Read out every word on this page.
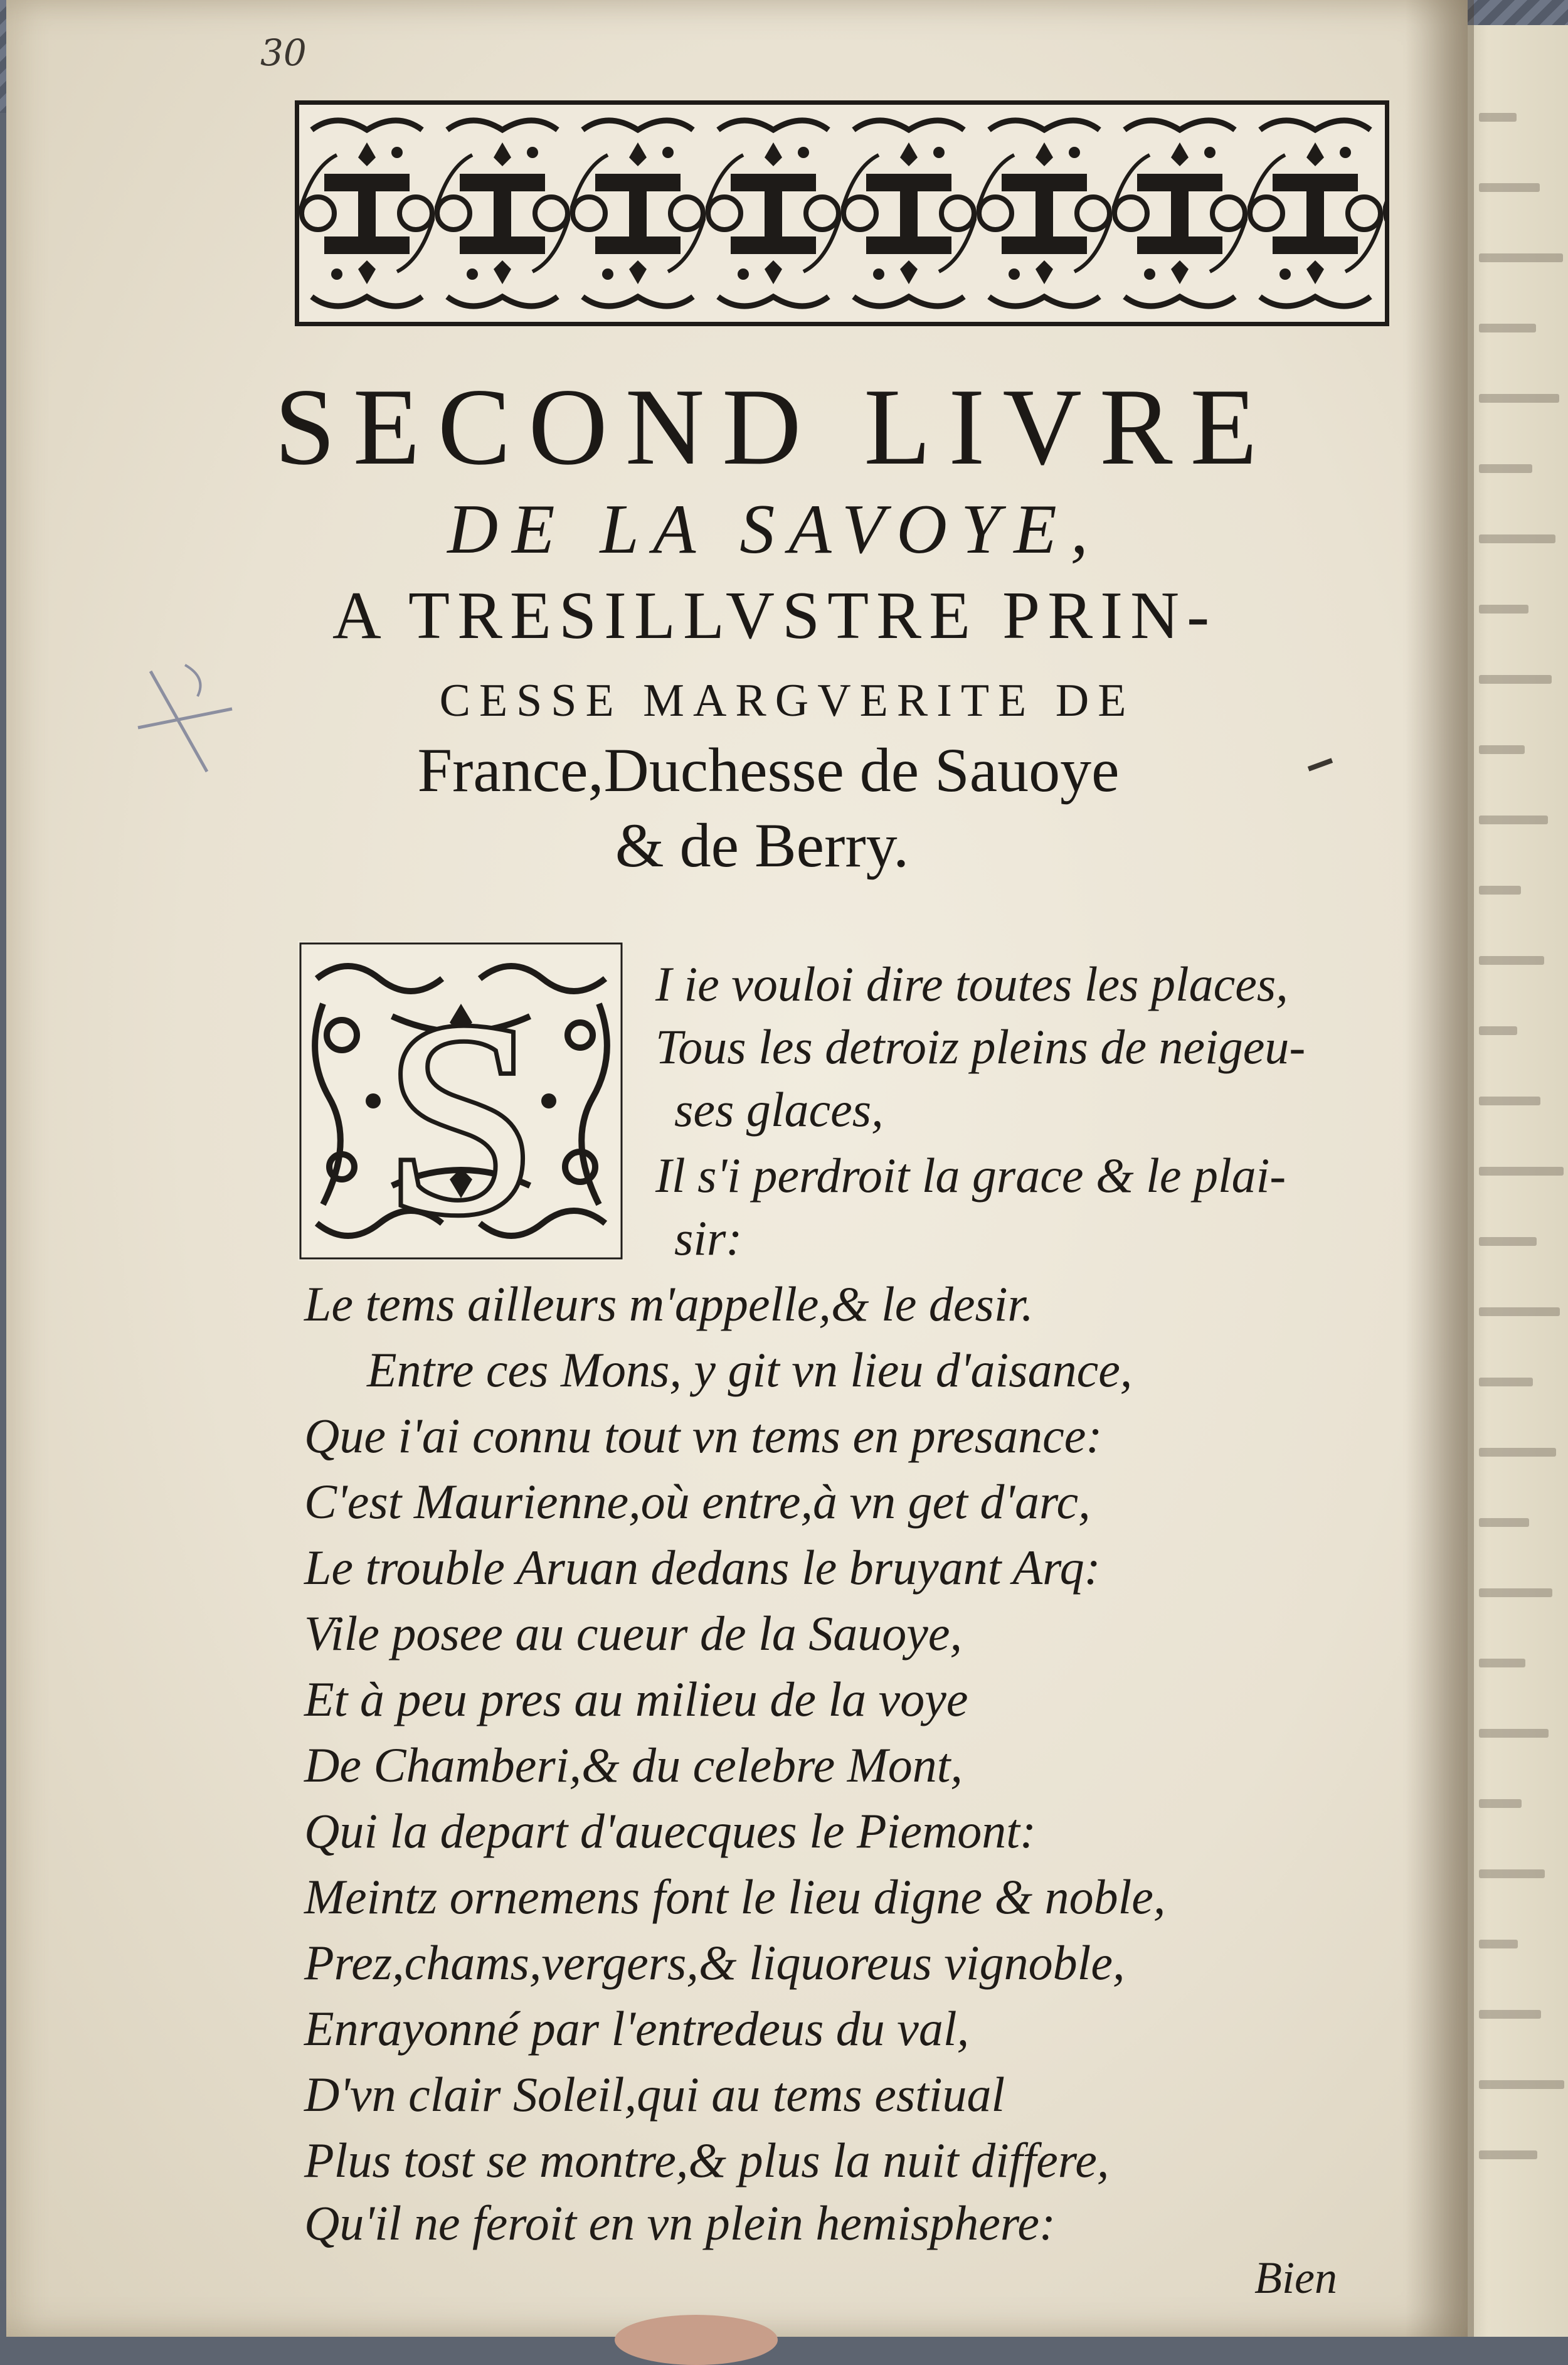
30
SECOND LIVRE
DE LA SAVOYE,
A TRESILLVSTRE PRIN-
CESSE MARGVERITE DE
France,Duchesse de Sauoye
& de Berry.
S I ie vouloi dire toutes les places,
Tous les detroiz pleins de neigeu-
ses glaces,
Il s'i perdroit la grace & le plai-
sir:
Le tems ailleurs m'appelle,& le desir.
Entre ces Mons, y git vn lieu d'aisance,
Que i'ai connu tout vn tems en presance:
C'est Maurienne,où entre,à vn get d'arc,
Le trouble Aruan dedans le bruyant Arq:
Vile posee au cueur de la Sauoye,
Et à peu pres au milieu de la voye
De Chamberi,& du celebre Mont,
Qui la depart d'auecques le Piemont:
Meintz ornemens font le lieu digne & noble,
Prez,chams,vergers,& liquoreus vignoble,
Enrayonné par l'entredeus du val,
D'vn clair Soleil,qui au tems estiual
Plus tost se montre,& plus la nuit differe,
Qu'il ne feroit en vn plein hemisphere:
Bien
